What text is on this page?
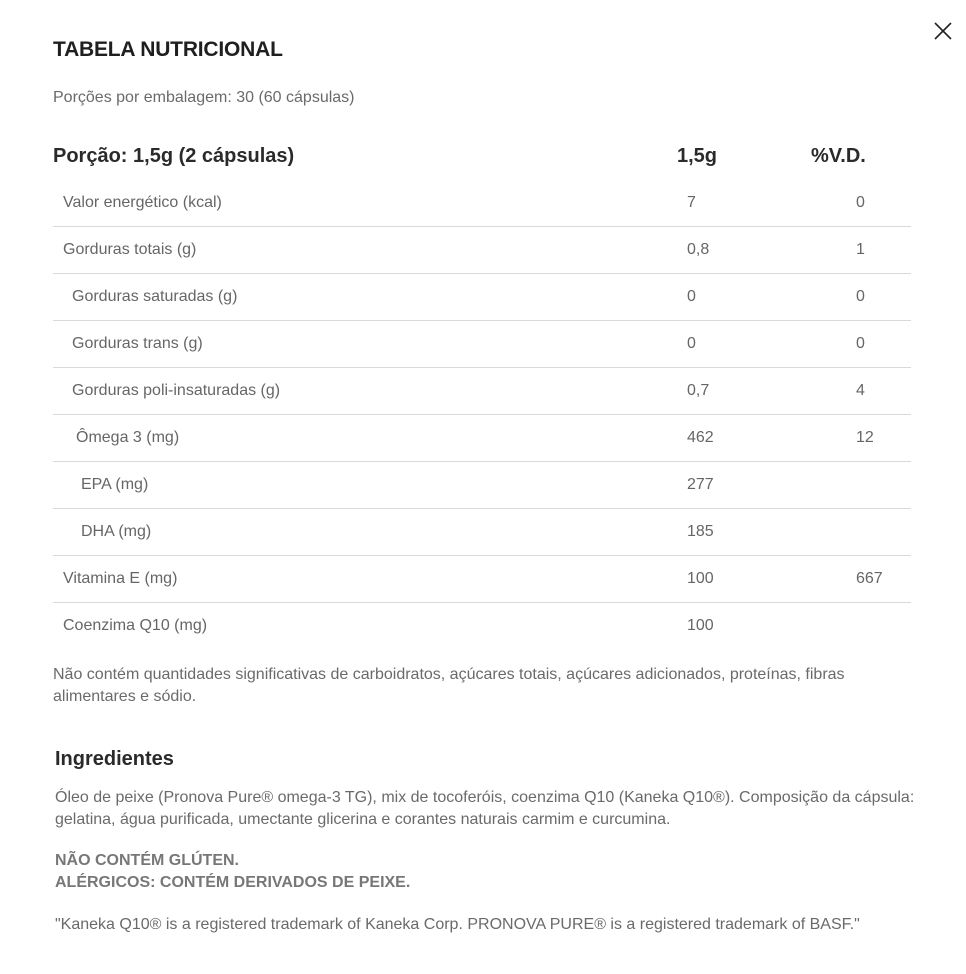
TABELA NUTRICIONAL
Porções por embalagem: 30 (60 cápsulas)
Porção: 1,5g (2 cápsulas)	1,5g	%V.D.
Valor energético (kcal)	7	0
Gorduras totais (g)	0,8	1
Gorduras saturadas (g)	0	0
Gorduras trans (g)	0	0
Gorduras poli-insaturadas (g)	0,7	4
Ômega 3 (mg)	462	12
EPA (mg)	277
DHA (mg)	185
Vitamina E (mg)	100	667
Coenzima Q10 (mg)	100
Não contém quantidades significativas de carboidratos, açúcares totais, açúcares adicionados, proteínas, fibras alimentares e sódio.
Ingredientes
Óleo de peixe (Pronova Pure® omega-3 TG), mix de tocoferóis, coenzima Q10 (Kaneka Q10®). Composição da cápsula: gelatina, água purificada, umectante glicerina e corantes naturais carmim e curcumina.
NÃO CONTÉM GLÚTEN.
ALÉRGICOS: CONTÉM DERIVADOS DE PEIXE.
"Kaneka Q10® is a registered trademark of Kaneka Corp. PRONOVA PURE® is a registered trademark of BASF."
